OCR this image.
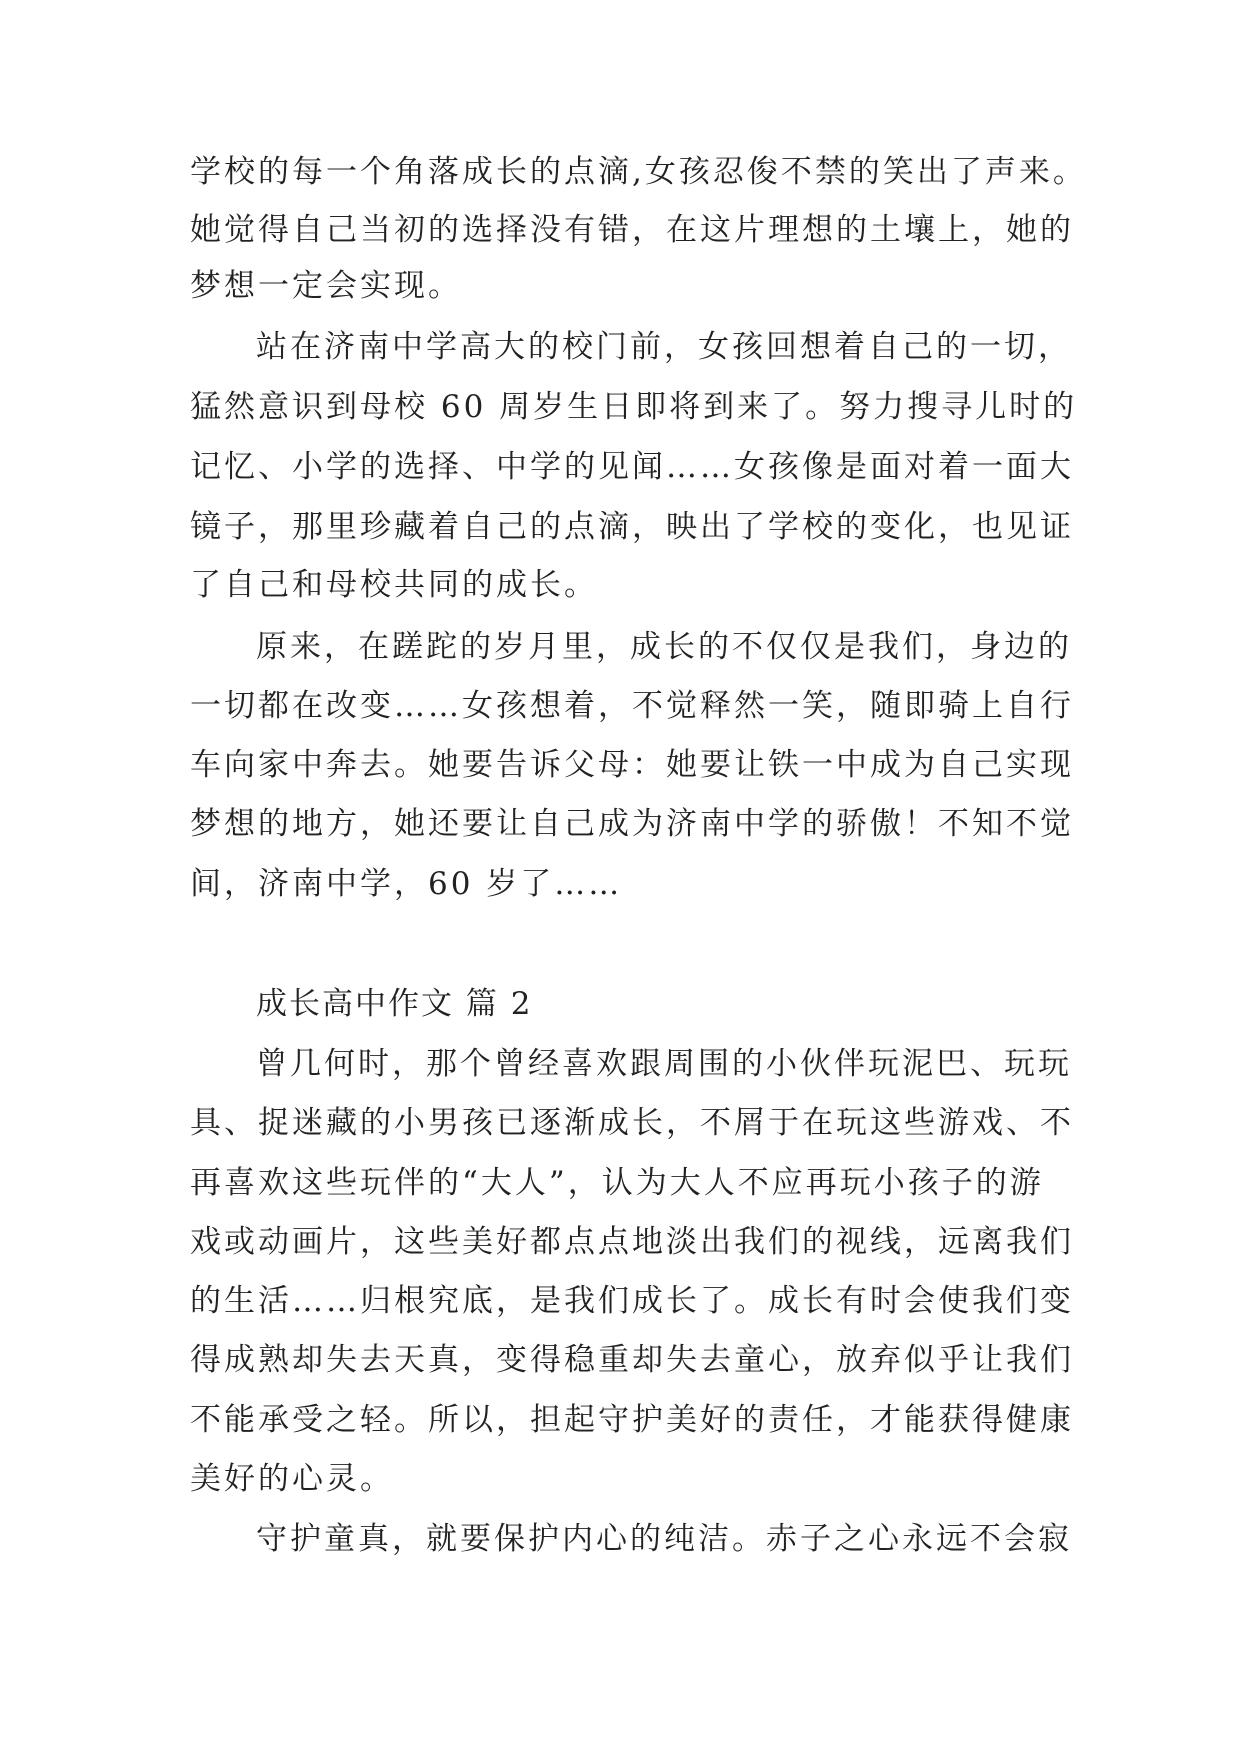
学校的每一个角落成长的点滴,女孩忍俊不禁的笑出了声来。
她觉得自己当初的选择没有错，在这片理想的土壤上，她的
梦想一定会实现。
站在济南中学高大的校门前，女孩回想着自己的一切，
猛然意识到母校 60 周岁生日即将到来了。努力搜寻儿时的
记忆、小学的选择、中学的见闻……女孩像是面对着一面大
镜子，那里珍藏着自己的点滴，映出了学校的变化，也见证
了自己和母校共同的成长。
原来，在蹉跎的岁月里，成长的不仅仅是我们，身边的
一切都在改变……女孩想着，不觉释然一笑，随即骑上自行
车向家中奔去。她要告诉父母：她要让铁一中成为自己实现
梦想的地方，她还要让自己成为济南中学的骄傲！不知不觉
间，济南中学，60 岁了……
成长高中作文 篇 2
曾几何时，那个曾经喜欢跟周围的小伙伴玩泥巴、玩玩
具、捉迷藏的小男孩已逐渐成长，不屑于在玩这些游戏、不
再喜欢这些玩伴的“大人”，认为大人不应再玩小孩子的游
戏或动画片，这些美好都点点地淡出我们的视线，远离我们
的生活……归根究底，是我们成长了。成长有时会使我们变
得成熟却失去天真，变得稳重却失去童心，放弃似乎让我们
不能承受之轻。所以，担起守护美好的责任，才能获得健康
美好的心灵。
守护童真，就要保护内心的纯洁。赤子之心永远不会寂
